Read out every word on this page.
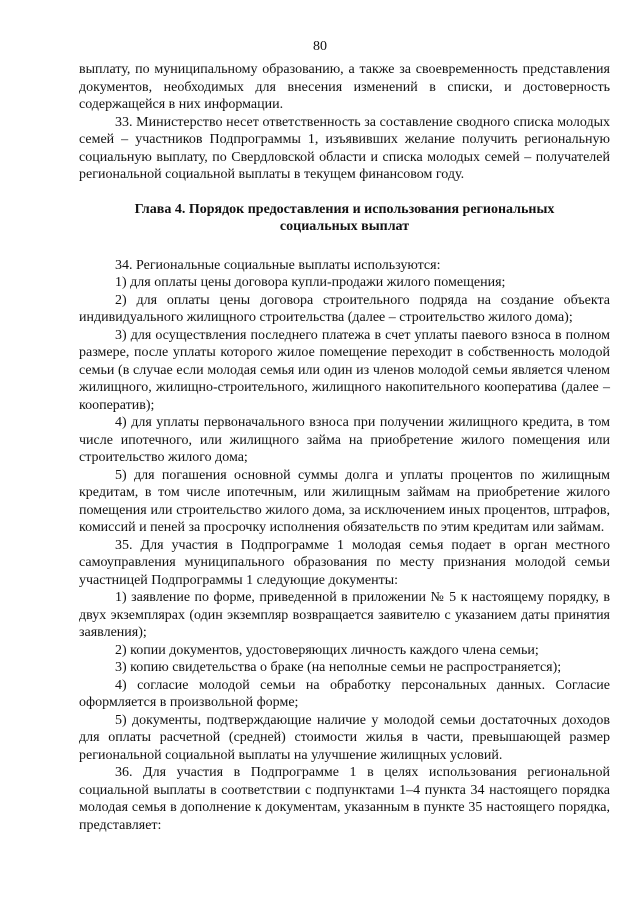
80

выплату, по муниципальному образованию, а также за своевременность представления документов, необходимых для внесения изменений в списки, и достоверность содержащейся в них информации.

33. Министерство несет ответственность за составление сводного списка молодых семей – участников Подпрограммы 1, изъявивших желание получить региональную социальную выплату, по Свердловской области и списка молодых семей – получателей региональной социальной выплаты в текущем финансовом году.

Глава 4. Порядок предоставления и использования региональных
социальных выплат

34. Региональные социальные выплаты используются:

1) для оплаты цены договора купли-продажи жилого помещения;

2) для оплаты цены договора строительного подряда на создание объекта индивидуального жилищного строительства (далее – строительство жилого дома);

3) для осуществления последнего платежа в счет уплаты паевого взноса в полном размере, после уплаты которого жилое помещение переходит в собственность молодой семьи (в случае если молодая семья или один из членов молодой семьи является членом жилищного, жилищно-строительного, жилищного накопительного кооператива (далее – кооператив);

4) для уплаты первоначального взноса при получении жилищного кредита, в том числе ипотечного, или жилищного займа на приобретение жилого помещения или строительство жилого дома;

5) для погашения основной суммы долга и уплаты процентов по жилищным кредитам, в том числе ипотечным, или жилищным займам на приобретение жилого помещения или строительство жилого дома, за исключением иных процентов, штрафов, комиссий и пеней за просрочку исполнения обязательств по этим кредитам или займам.

35. Для участия в Подпрограмме 1 молодая семья подает в орган местного самоуправления муниципального образования по месту признания молодой семьи участницей Подпрограммы 1 следующие документы:

1) заявление по форме, приведенной в приложении № 5 к настоящему порядку, в двух экземплярах (один экземпляр возвращается заявителю с указанием даты принятия заявления);

2) копии документов, удостоверяющих личность каждого члена семьи;

3) копию свидетельства о браке (на неполные семьи не распространяется);

4) согласие молодой семьи на обработку персональных данных. Согласие оформляется в произвольной форме;

5) документы, подтверждающие наличие у молодой семьи достаточных доходов для оплаты расчетной (средней) стоимости жилья в части, превышающей размер региональной социальной выплаты на улучшение жилищных условий.

36. Для участия в Подпрограмме 1 в целях использования региональной социальной выплаты в соответствии с подпунктами 1–4 пункта 34 настоящего порядка молодая семья в дополнение к документам, указанным в пункте 35 настоящего порядка, представляет:
